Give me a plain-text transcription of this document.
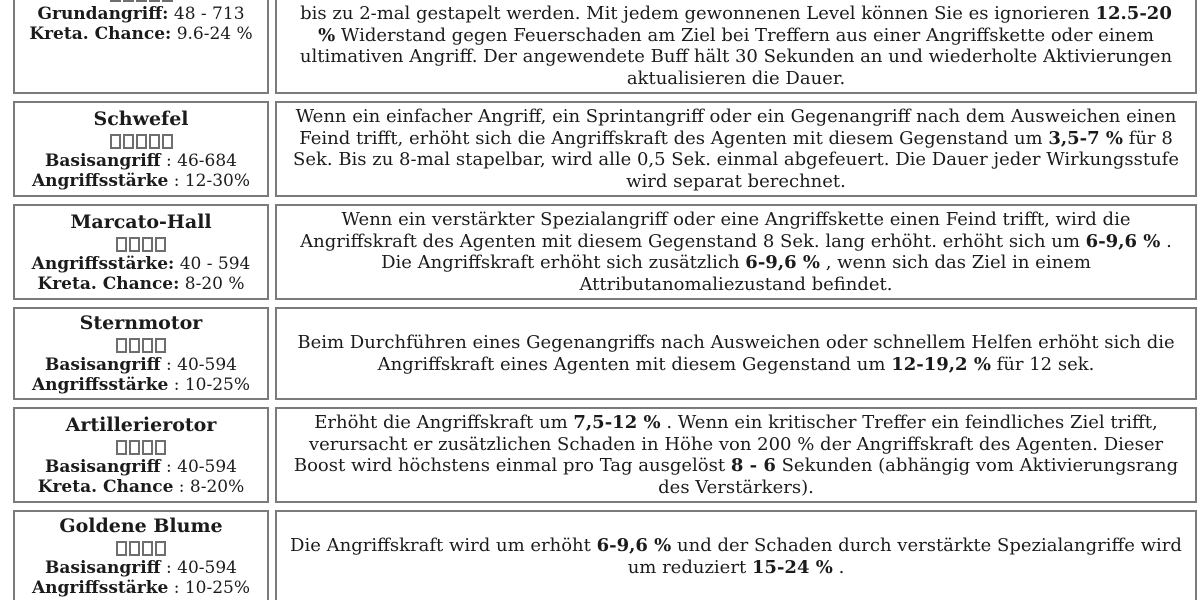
Grundangriff: 48 - 713
Kreta. Chance: 9.6-24 %
bis zu 2-mal gestapelt werden. Mit jedem gewonnenen Level können Sie es ignorieren 12.5-20 % Widerstand gegen Feuerschaden am Ziel bei Treffern aus einer Angriffskette oder einem ultimativen Angriff. Der angewendete Buff hält 30 Sekunden an und wiederholte Aktivierungen aktualisieren die Dauer.
Schwefel
Basisangriff : 46-684
Angriffsstärke : 12-30%
Wenn ein einfacher Angriff, ein Sprintangriff oder ein Gegenangriff nach dem Ausweichen einen Feind trifft, erhöht sich die Angriffskraft des Agenten mit diesem Gegenstand um 3,5-7 % für 8 Sek. Bis zu 8-mal stapelbar, wird alle 0,5 Sek. einmal abgefeuert. Die Dauer jeder Wirkungsstufe wird separat berechnet.
Marcato-Hall
Angriffsstärke: 40 - 594
Kreta. Chance: 8-20 %
Wenn ein verstärkter Spezialangriff oder eine Angriffskette einen Feind trifft, wird die Angriffskraft des Agenten mit diesem Gegenstand 8 Sek. lang erhöht. erhöht sich um 6-9,6 % . Die Angriffskraft erhöht sich zusätzlich 6-9,6 % , wenn sich das Ziel in einem Attributanomaliezustand befindet.
Sternmotor
Basisangriff : 40-594
Angriffsstärke : 10-25%
Beim Durchführen eines Gegenangriffs nach Ausweichen oder schnellem Helfen erhöht sich die Angriffskraft eines Agenten mit diesem Gegenstand um 12-19,2 % für 12 sek.
Artillerierotor
Basisangriff : 40-594
Kreta. Chance : 8-20%
Erhöht die Angriffskraft um 7,5-12 % . Wenn ein kritischer Treffer ein feindliches Ziel trifft, verursacht er zusätzlichen Schaden in Höhe von 200 % der Angriffskraft des Agenten. Dieser Boost wird höchstens einmal pro Tag ausgelöst 8 - 6 Sekunden (abhängig vom Aktivierungsrang des Verstärkers).
Goldene Blume
Basisangriff : 40-594
Angriffsstärke : 10-25%
Die Angriffskraft wird um erhöht 6-9,6 % und der Schaden durch verstärkte Spezialangriffe wird um reduziert 15-24 % .
